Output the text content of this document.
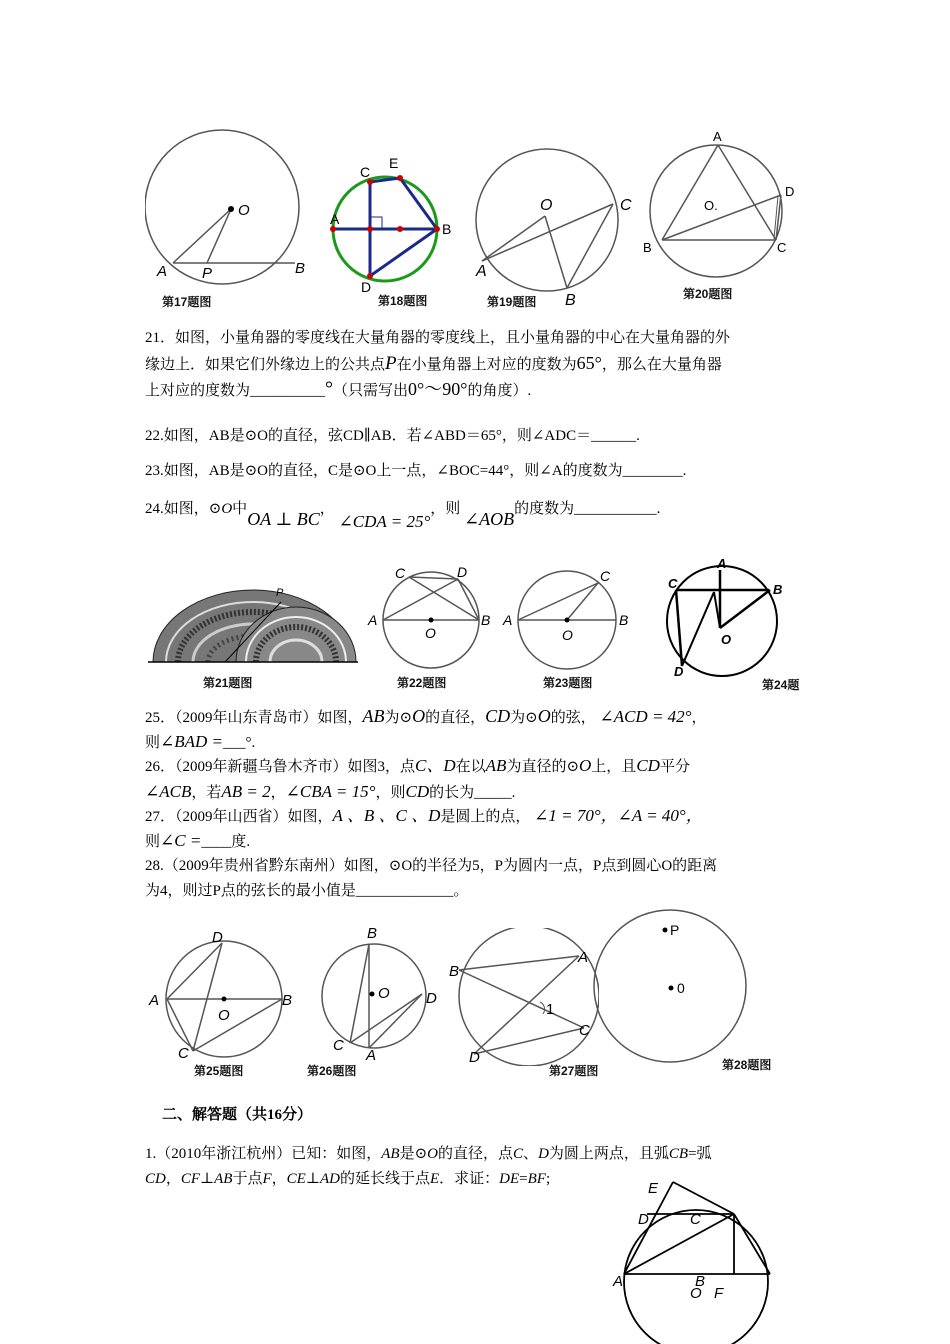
O
A P	B
第17题图
C
E
A
B
D
第18题图
O	C
A
B
第19题图
A
O.
D
B	C
第20题图
21．如图，小量角器的零度线在大量角器的零度线上，且小量角器的中心在大量角器的外
缘边上．如果它们外缘边上的公共点P在小量角器上对应的度数为65°，那么在大量角器
上对应的度数为__________°（只需写出0°～90°的角度）.
22.如图，AB是⊙O的直径，弦CD∥AB．若∠ABD＝65°，则∠ADC＝______.
23.如图，AB是⊙O的直径，C是⊙O上一点，∠BOC=44°，则∠A的度数为________.
24.如图，⊙O中OA ⊥ BC， ∠CDA = 25°，则 ∠AOB的度数为___________.
P
第21题图
C	D
A
O
B
第22题图
C
A
O
B
第23题图
A
C	B
O
D
第24题
25．（2009年山东青岛市）如图，AB为⊙O的直径，CD为⊙O的弦， ∠ACD = 42°，
则∠BAD =___°.
26．（2009年新疆乌鲁木齐市）如图3，点C、D在以AB为直径的⊙O上，且CD平分
∠ACB，若AB = 2，∠CBA = 15°，则CD的长为_____.
27．（2009年山西省）如图，A 、B 、C 、D是圆上的点， ∠1 = 70°，∠A = 40°，
则∠C =____度.
28.（2009年贵州省黔东南州）如图，⊙O的半径为5，P为圆内一点，P点到圆心O的距离
为4，则过P点的弦长的最小值是_____________。
D
A
O
B
C
第25题图
B
O D
C
A
第26题图
B
A
1
C
D
第27题图
P
0
第28题图
二、解答题（共16分）
1.（2010年浙江杭州）已知：如图，AB是⊙O的直径，点C、D为圆上两点，且弧CB=弧
CD，CF⊥AB于点F，CE⊥AD的延长线于点E．求证：DE=BF;
E
D	C
A	B
O F
